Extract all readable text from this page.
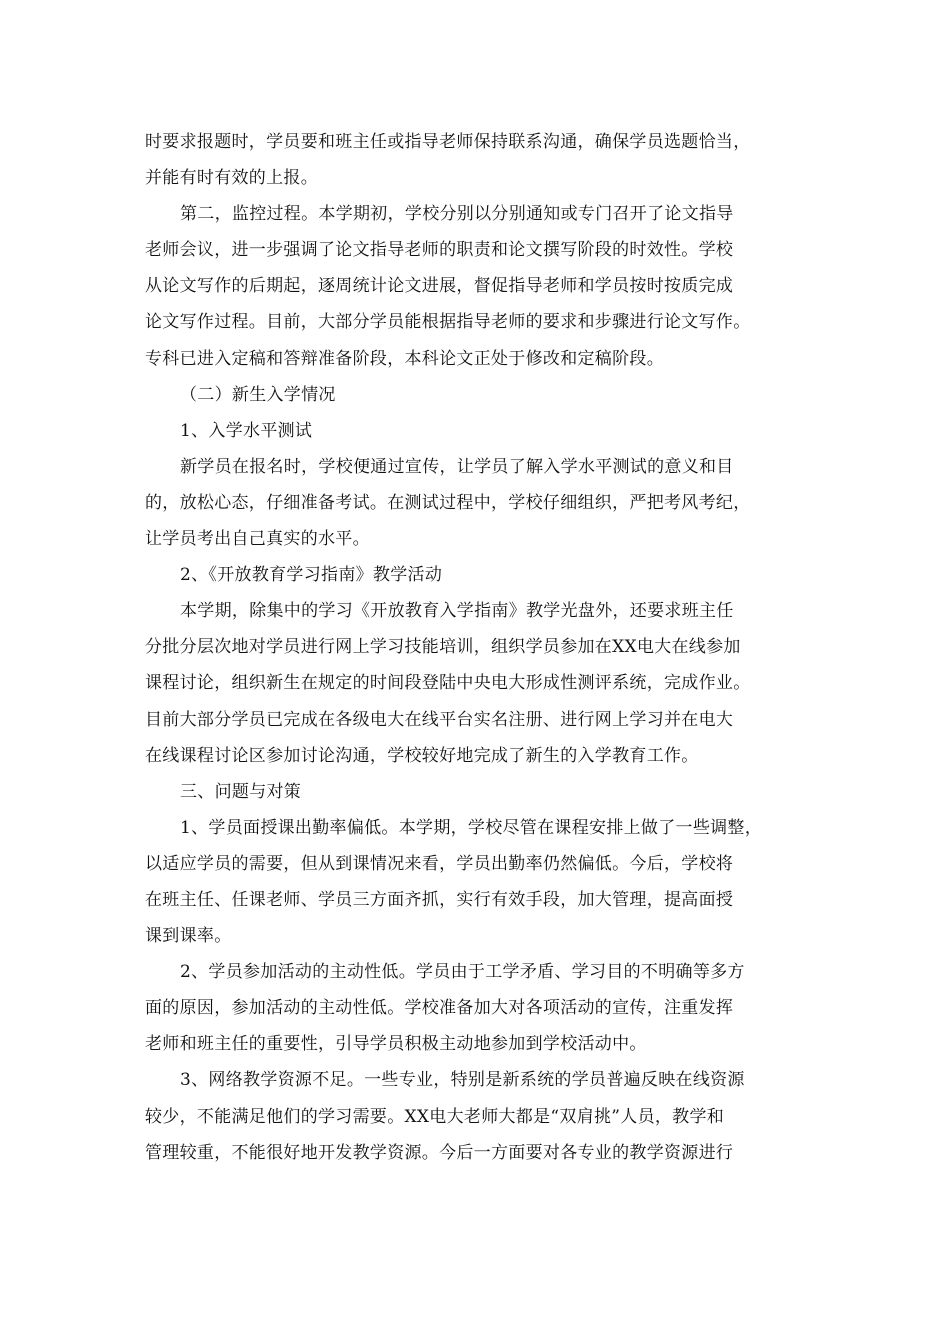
时要求报题时，学员要和班主任或指导老师保持联系沟通，确保学员选题恰当，
并能有时有效的上报。
第二，监控过程。本学期初，学校分别以分别通知或专门召开了论文指导
老师会议，进一步强调了论文指导老师的职责和论文撰写阶段的时效性。学校
从论文写作的后期起，逐周统计论文进展，督促指导老师和学员按时按质完成
论文写作过程。目前，大部分学员能根据指导老师的要求和步骤进行论文写作。
专科已进入定稿和答辩准备阶段，本科论文正处于修改和定稿阶段。
（二）新生入学情况
1、入学水平测试
新学员在报名时，学校便通过宣传，让学员了解入学水平测试的意义和目
的，放松心态，仔细准备考试。在测试过程中，学校仔细组织，严把考风考纪，
让学员考出自己真实的水平。
2、《开放教育学习指南》教学活动
本学期，除集中的学习《开放教育入学指南》教学光盘外，还要求班主任
分批分层次地对学员进行网上学习技能培训，组织学员参加在XX电大在线参加
课程讨论，组织新生在规定的时间段登陆中央电大形成性测评系统，完成作业。
目前大部分学员已完成在各级电大在线平台实名注册、进行网上学习并在电大
在线课程讨论区参加讨论沟通，学校较好地完成了新生的入学教育工作。
三、问题与对策
1、学员面授课出勤率偏低。本学期，学校尽管在课程安排上做了一些调整，
以适应学员的需要，但从到课情况来看，学员出勤率仍然偏低。今后，学校将
在班主任、任课老师、学员三方面齐抓，实行有效手段，加大管理，提高面授
课到课率。
2、学员参加活动的主动性低。学员由于工学矛盾、学习目的不明确等多方
面的原因，参加活动的主动性低。学校准备加大对各项活动的宣传，注重发挥
老师和班主任的重要性，引导学员积极主动地参加到学校活动中。
3、网络教学资源不足。一些专业，特别是新系统的学员普遍反映在线资源
较少，不能满足他们的学习需要。XX电大老师大都是“双肩挑”人员，教学和
管理较重，不能很好地开发教学资源。今后一方面要对各专业的教学资源进行
